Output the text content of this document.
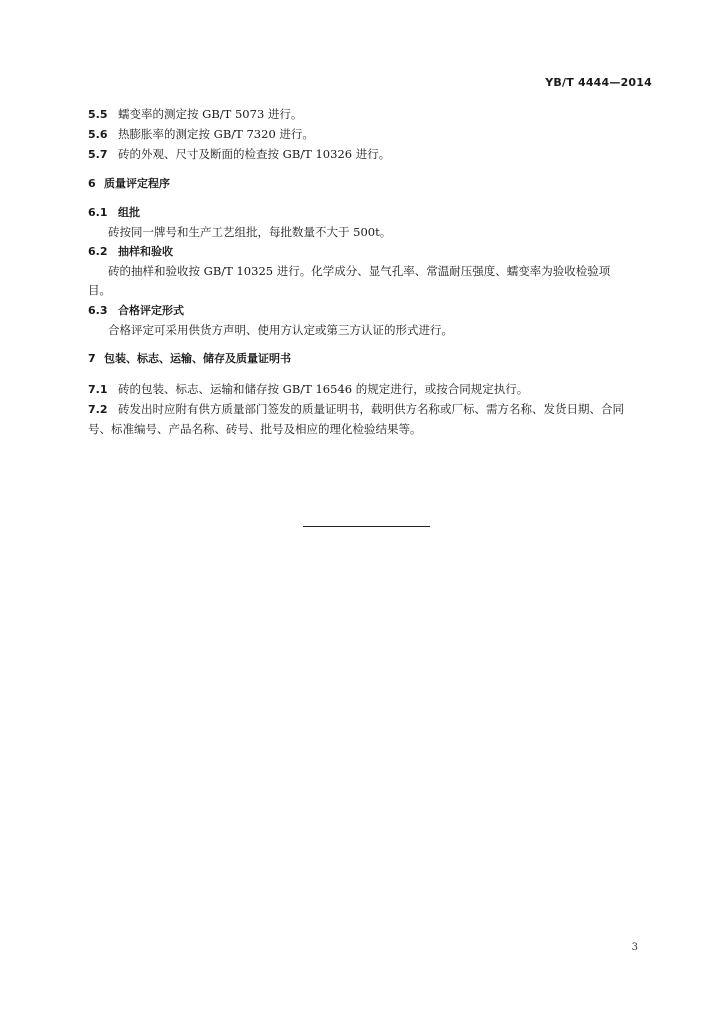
YB/T 4444—2014
5.5 蠕变率的测定按 GB/T 5073 进行。
5.6 热膨胀率的测定按 GB/T 7320 进行。
5.7 砖的外观、尺寸及断面的检查按 GB/T 10326 进行。
6 质量评定程序
6.1 组批
砖按同一牌号和生产工艺组批，每批数量不大于 500t。
6.2 抽样和验收
砖的抽样和验收按 GB/T 10325 进行。化学成分、显气孔率、常温耐压强度、蠕变率为验收检验项
目。
6.3 合格评定形式
合格评定可采用供货方声明、使用方认定或第三方认证的形式进行。
7 包装、标志、运输、储存及质量证明书
7.1 砖的包装、标志、运输和储存按 GB/T 16546 的规定进行，或按合同规定执行。
7.2 砖发出时应附有供方质量部门签发的质量证明书，载明供方名称或厂标、需方名称、发货日期、合同
号、标准编号、产品名称、砖号、批号及相应的理化检验结果等。
3
